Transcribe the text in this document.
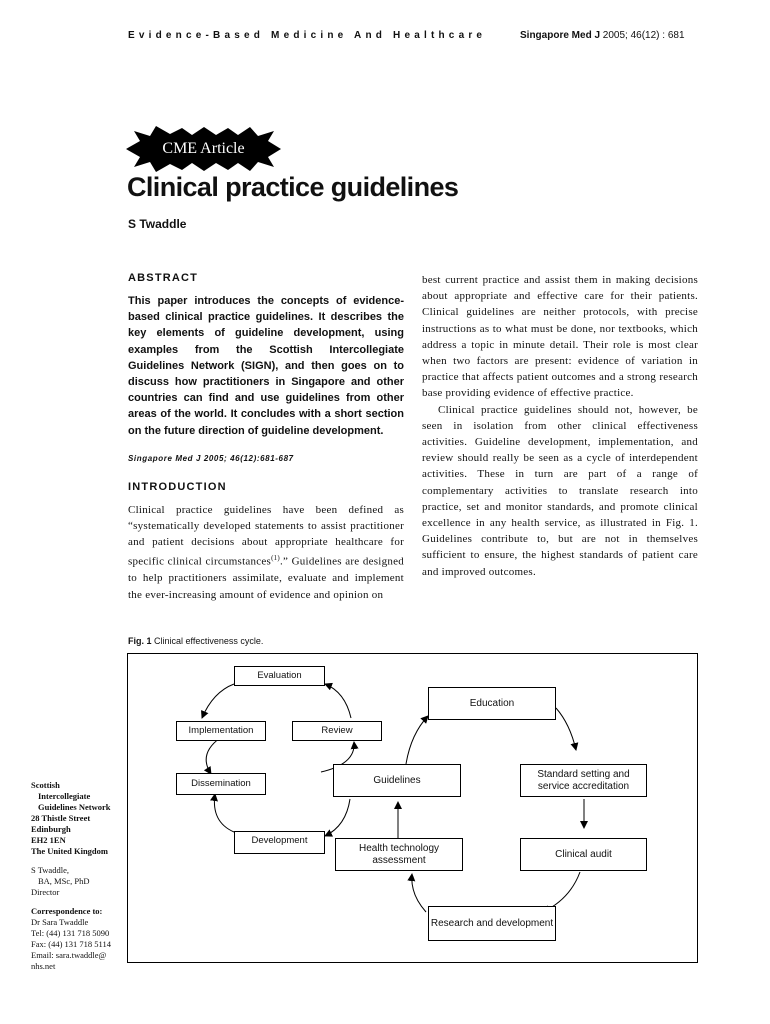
Evidence-Based Medicine And Healthcare	Singapore Med J 2005; 46(12) : 681
CME Article
Clinical practice guidelines
S Twaddle
ABSTRACT

This paper introduces the concepts of evidence-based clinical practice guidelines. It describes the key elements of guideline development, using examples from the Scottish Intercollegiate Guidelines Network (SIGN), and then goes on to discuss how practitioners in Singapore and other countries can find and use guidelines from other areas of the world. It concludes with a short section on the future direction of guideline development.

Singapore Med J 2005; 46(12):681-687
INTRODUCTION

Clinical practice guidelines have been defined as “systematically developed statements to assist practitioner and patient decisions about appropriate healthcare for specific clinical circumstances$^{(1)}$.” Guidelines are designed to help practitioners assimilate, evaluate and implement the ever-increasing amount of evidence and opinion on

best current practice and assist them in making decisions about appropriate and effective care for their patients. Clinical guidelines are neither protocols, with precise instructions as to what must be done, nor textbooks, which address a topic in minute detail. Their role is most clear when two factors are present: evidence of variation in practice that affects patient outcomes and a strong research base providing evidence of effective practice.

Clinical practice guidelines should not, however, be seen in isolation from other clinical effectiveness activities. Guideline development, implementation, and review should really be seen as a cycle of interdependent activities. These in turn are part of a range of complementary activities to translate research into practice, set and monitor standards, and promote clinical excellence in any health service, as illustrated in Fig. 1. Guidelines contribute to, but are not in themselves sufficient to ensure, the highest standards of patient care and improved outcomes.

Fig. 1 Clinical effectiveness cycle.
Evaluation
Implementation	Review
Dissemination
Development
Education
Guidelines
Standard setting and service accreditation
Health technology assessment
Clinical audit
Research and development
Scottish
Intercollegiate
Guidelines Network
28 Thistle Street
Edinburgh
EH2 1EN
The United Kingdom
S Twaddle,
BA, MSc, PhD
Director
Correspondence to:
Dr Sara Twaddle
Tel: (44) 131 718 5090
Fax: (44) 131 718 5114
Email: sara.twaddle@
nhs.net
